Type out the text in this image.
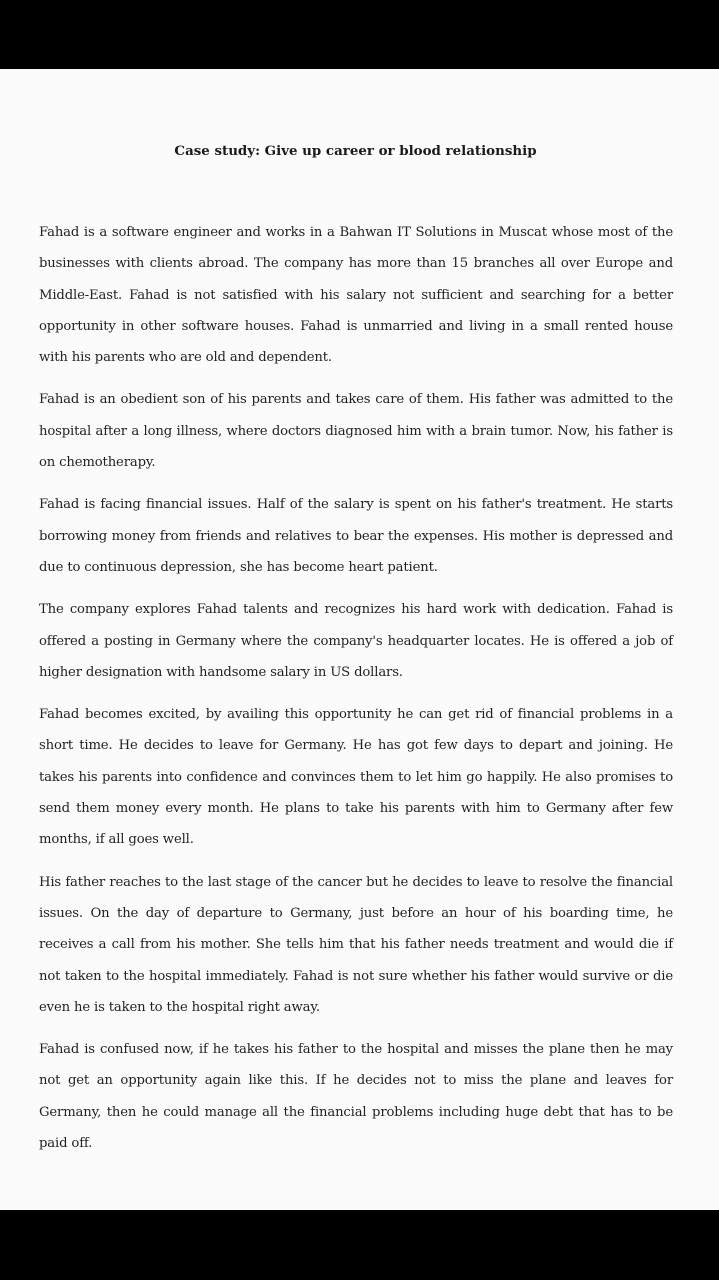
Case study: Give up career or blood relationship

Fahad is a software engineer and works in a Bahwan IT Solutions in Muscat whose most of the businesses with clients abroad. The company has more than 15 branches all over Europe and Middle-East. Fahad is not satisfied with his salary not sufficient and searching for a better opportunity in other software houses. Fahad is unmarried and living in a small rented house with his parents who are old and dependent.

Fahad is an obedient son of his parents and takes care of them. His father was admitted to the hospital after a long illness, where doctors diagnosed him with a brain tumor. Now, his father is on chemotherapy.

Fahad is facing financial issues. Half of the salary is spent on his father's treatment. He starts borrowing money from friends and relatives to bear the expenses. His mother is depressed and due to continuous depression, she has become heart patient.

The company explores Fahad talents and recognizes his hard work with dedication. Fahad is offered a posting in Germany where the company's headquarter locates. He is offered a job of higher designation with handsome salary in US dollars.

Fahad becomes excited, by availing this opportunity he can get rid of financial problems in a short time. He decides to leave for Germany. He has got few days to depart and joining. He takes his parents into confidence and convinces them to let him go happily. He also promises to send them money every month. He plans to take his parents with him to Germany after few months, if all goes well.

His father reaches to the last stage of the cancer but he decides to leave to resolve the financial issues. On the day of departure to Germany, just before an hour of his boarding time, he receives a call from his mother. She tells him that his father needs treatment and would die if not taken to the hospital immediately. Fahad is not sure whether his father would survive or die even he is taken to the hospital right away.

Fahad is confused now, if he takes his father to the hospital and misses the plane then he may not get an opportunity again like this. If he decides not to miss the plane and leaves for Germany, then he could manage all the financial problems including huge debt that has to be paid off.
